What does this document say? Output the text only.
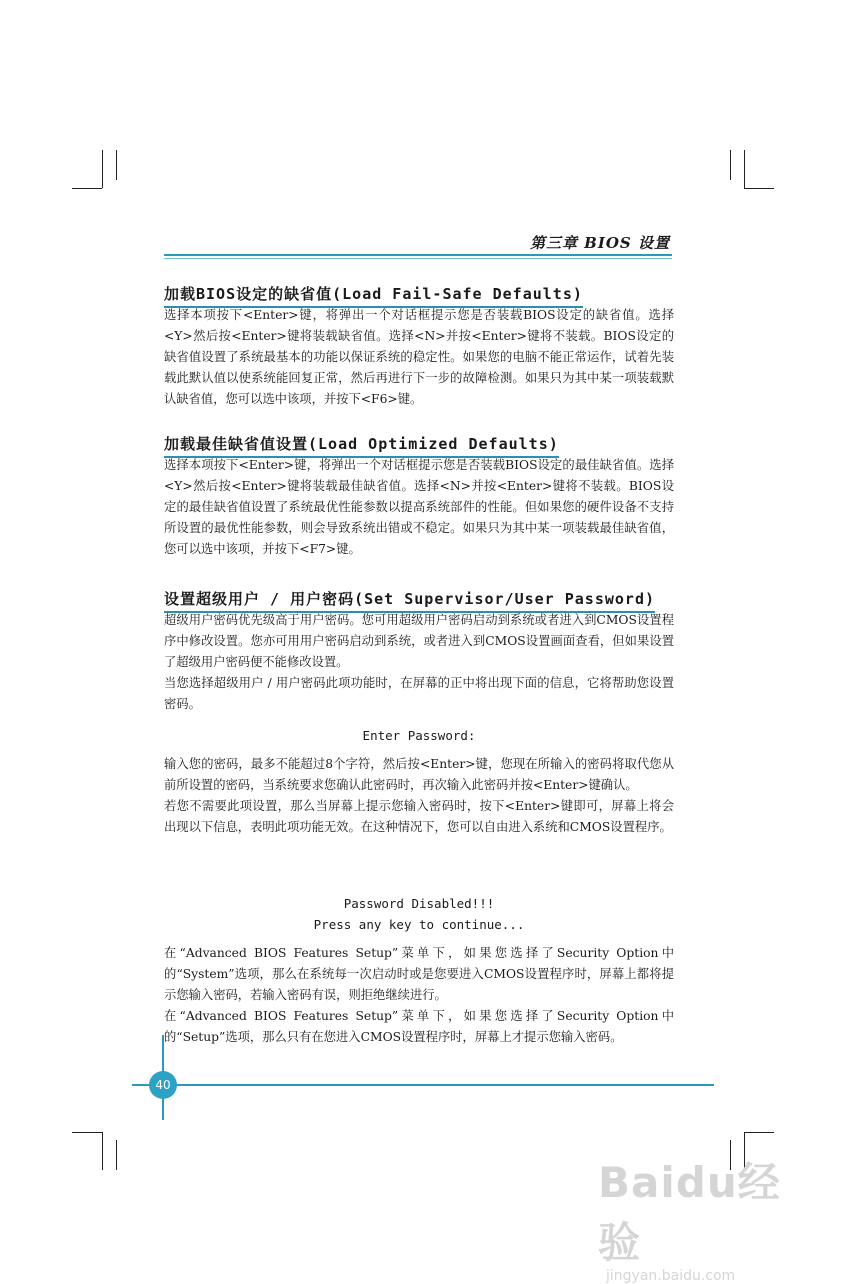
第三章 BIOS 设置
加载BIOS设定的缺省值(Load Fail-Safe Defaults)

选择本项按下<Enter>键，将弹出一个对话框提示您是否装载BIOS设定的缺省值。选择<Y>然后按<Enter>键将装载缺省值。选择<N>并按<Enter>键将不装载。BIOS设定的缺省值设置了系统最基本的功能以保证系统的稳定性。如果您的电脑不能正常运作，试着先装载此默认值以使系统能回复正常，然后再进行下一步的故障检测。如果只为其中某一项装载默认缺省值，您可以选中该项，并按下<F6>键。

加载最佳缺省值设置(Load Optimized Defaults)

选择本项按下<Enter>键，将弹出一个对话框提示您是否装载BIOS设定的最佳缺省值。选择<Y>然后按<Enter>键将装载最佳缺省值。选择<N>并按<Enter>键将不装载。BIOS设定的最佳缺省值设置了系统最优性能参数以提高系统部件的性能。但如果您的硬件设备不支持所设置的最优性能参数，则会导致系统出错或不稳定。如果只为其中某一项装载最佳缺省值，您可以选中该项，并按下<F7>键。

设置超级用户 / 用户密码(Set Supervisor/User Password)

超级用户密码优先级高于用户密码。您可用超级用户密码启动到系统或者进入到CMOS设置程序中修改设置。您亦可用用户密码启动到系统，或者进入到CMOS设置画面查看，但如果设置了超级用户密码便不能修改设置。

当您选择超级用户 / 用户密码此项功能时，在屏幕的正中将出现下面的信息，它将帮助您设置密码。

Enter Password:

输入您的密码，最多不能超过8个字符，然后按<Enter>键，您现在所输入的密码将取代您从前所设置的密码，当系统要求您确认此密码时，再次输入此密码并按<Enter>键确认。

若您不需要此项设置，那么当屏幕上提示您输入密码时，按下<Enter>键即可，屏幕上将会出现以下信息，表明此项功能无效。在这种情况下，您可以自由进入系统和CMOS设置程序。

Password Disabled!!!
Press any key to continue...

在“Advanced BIOS Features Setup”菜单下，如果您选择了Security Option中的“System”选项，那么在系统每一次启动时或是您要进入CMOS设置程序时，屏幕上都将提示您输入密码，若输入密码有误，则拒绝继续进行。

在“Advanced BIOS Features Setup”菜单下，如果您选择了Security Option中的“Setup”选项，那么只有在您进入CMOS设置程序时，屏幕上才提示您输入密码。

40
Baidu经验
jingyan.baidu.com
